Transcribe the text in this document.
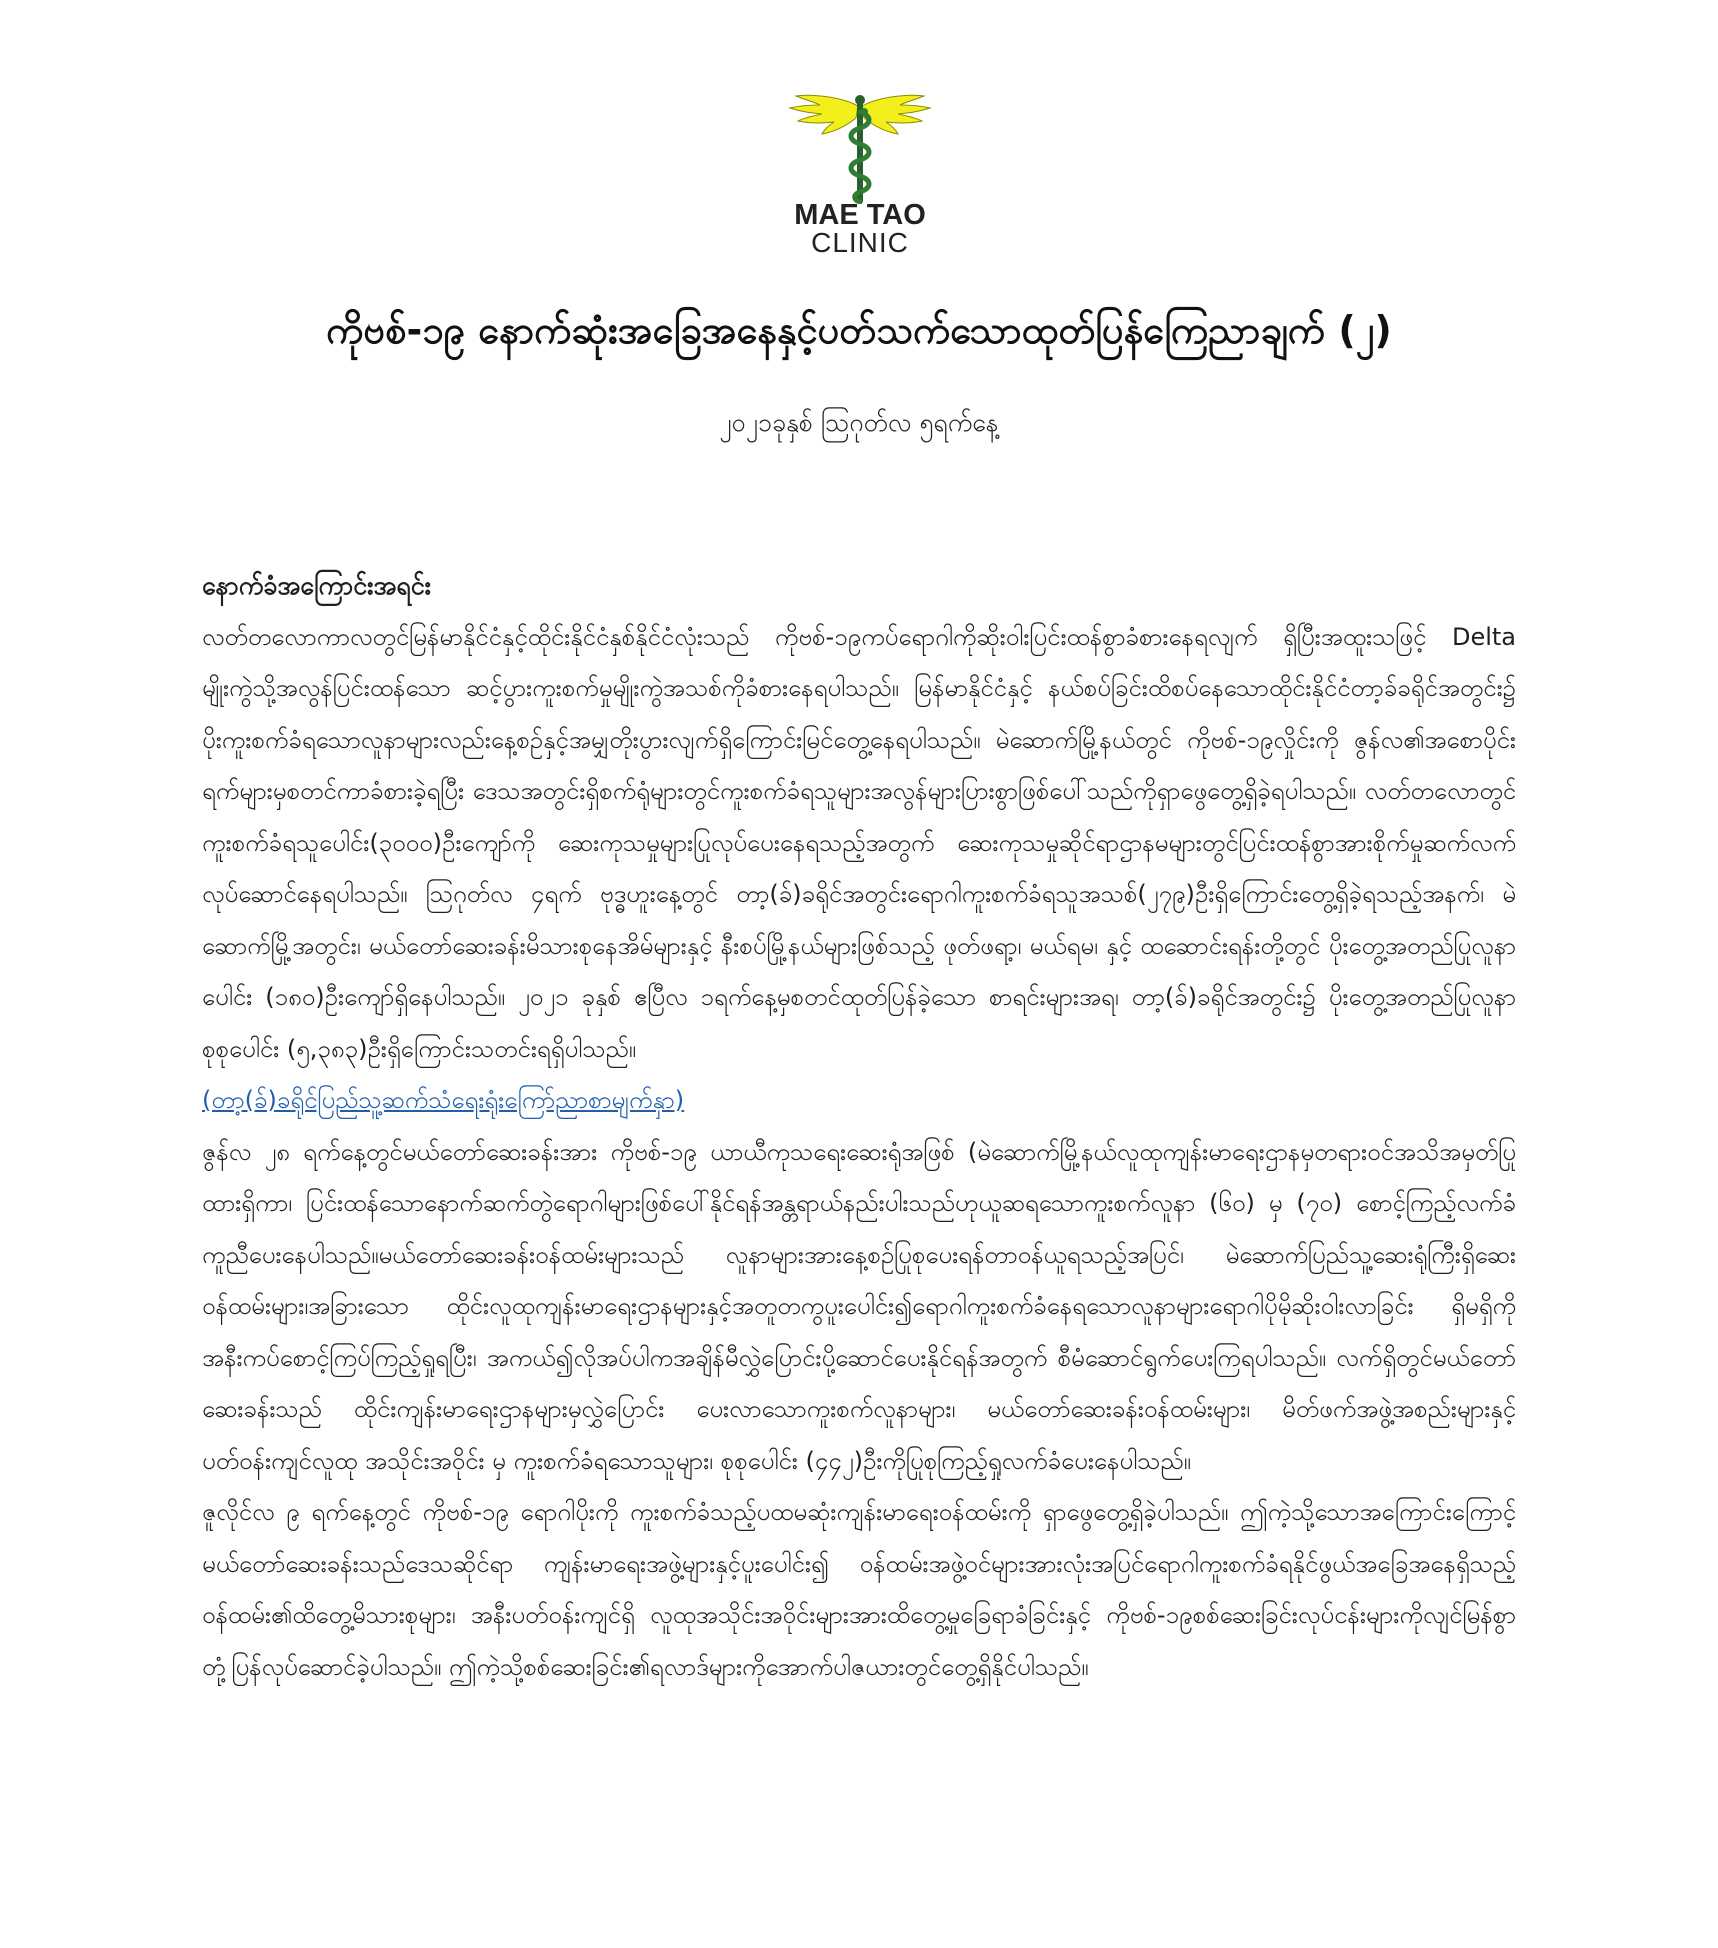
MAE TAO
CLINIC
ကိုဗစ်-၁၉ နောက်ဆုံးအခြေအနေနှင့်ပတ်သက်သောထုတ်ပြန်ကြေညာချက် (၂)
၂၀၂၁ခုနှစ် ဩဂုတ်လ ၅ရက်နေ့

နောက်ခံအကြောင်းအရင်း

လတ်တလောကာလတွင်မြန်မာနိုင်ငံနှင့်ထိုင်းနိုင်ငံနှစ်နိုင်ငံလုံးသည် ကိုဗစ်-၁၉ကပ်ရောဂါကိုဆိုးဝါးပြင်းထန်စွာခံစားနေရလျက် ရှိပြီးအထူးသဖြင့် Delta မျိုးကွဲသို့အလွန်ပြင်းထန်သော ဆင့်ပွားကူးစက်မှုမျိုးကွဲအသစ်ကိုခံစားနေရပါသည်။ မြန်မာနိုင်ငံနှင့် နယ်စပ်ခြင်းထိစပ်နေသောထိုင်းနိုင်ငံတာ့ခ်ခရိုင်အတွင်း၌ ပိုးကူးစက်ခံရသောလူနာများလည်းနေ့စဉ်နှင့်အမျှတိုးပွားလျက်ရှိကြောင်းမြင်တွေ့နေရပါသည်။ မဲဆောက်မြို့နယ်တွင် ကိုဗစ်-၁၉လှိုင်းကို ဇွန်လ၏အစောပိုင်းရက်များမှစတင်ကာခံစားခဲ့ရပြီး ဒေသအတွင်းရှိစက်ရုံများတွင်ကူးစက်ခံရသူများအလွန်များပြားစွာဖြစ်ပေါ်သည်ကိုရှာဖွေတွေ့ရှိခဲ့ရပါသည်။ လတ်တလောတွင်ကူးစက်ခံရသူပေါင်း(၃၀၀၀)ဦးကျော်ကို ဆေးကုသမှုများပြုလုပ်ပေးနေရသည့်အတွက် ဆေးကုသမှုဆိုင်ရာဌာနမများတွင်ပြင်းထန်စွာအားစိုက်မှုဆက်လက်လုပ်ဆောင်နေရပါသည်။ ဩဂုတ်လ ၄ရက် ဗုဒ္ဓဟူးနေ့တွင် တာ့(ခ်)ခရိုင်အတွင်းရောဂါကူးစက်ခံရသူအသစ်(၂၇၉)ဦးရှိကြောင်းတွေ့ရှိခဲ့ရသည့်အနက်၊ မဲဆောက်မြို့အတွင်း၊ မယ်တော်ဆေးခန်းမိသားစုနေအိမ်များနှင့် နီးစပ်မြို့နယ်များဖြစ်သည့် ဖုတ်ဖရာ့၊ မယ်ရမ၊ နှင့် ထဆောင်းရန်းတို့တွင် ပိုးတွေ့အတည်ပြုလူနာပေါင်း (၁၈၀)ဦးကျော်ရှိနေပါသည်။ ၂၀၂၁ ခုနှစ် ဧပြီလ ၁ရက်နေ့မှစတင်ထုတ်ပြန်ခဲ့သော စာရင်းများအရ၊ တာ့(ခ်)ခရိုင်အတွင်း၌ ပိုးတွေ့အတည်ပြုလူနာစုစုပေါင်း (၅,၃၈၃)ဦးရှိကြောင်းသတင်းရရှိပါသည်။

(တာ့(ခ်)ခရိုင်ပြည်သူ့ဆက်သံရေးရုံးကြော်ညာစာမျက်နှာ)

ဇွန်လ ၂၈ ရက်နေ့တွင်မယ်တော်ဆေးခန်းအား ကိုဗစ်-၁၉ ယာယီကုသရေးဆေးရုံအဖြစ် (မဲဆောက်မြို့နယ်လူထုကျန်းမာရေးဌာနမှတရားဝင်အသိအမှတ်ပြုထားရှိကာ၊ ပြင်းထန်သောနောက်ဆက်တွဲရောဂါများဖြစ်ပေါ်နိုင်ရန်အန္တရာယ်နည်းပါးသည်ဟုယူဆရသောကူးစက်လူနာ (၆၀) မှ (၇၀) စောင့်ကြည့်လက်ခံကူညီပေးနေပါသည်။မယ်တော်ဆေးခန်းဝန်ထမ်းများသည် လူနာများအားနေ့စဉ်ပြုစုပေးရန်တာဝန်ယူရသည့်အပြင်၊ မဲဆောက်ပြည်သူ့ဆေးရုံကြီးရှိဆေးဝန်ထမ်းများ၊အခြားသော ထိုင်းလူထုကျန်းမာရေးဌာနများနှင့်အတူတကွပူးပေါင်း၍ရောဂါကူးစက်ခံနေရသောလူနာများရောဂါပိုမိုဆိုးဝါးလာခြင်း ရှိမရှိကိုအနီးကပ်စောင့်ကြပ်ကြည့်ရှုရပြီး၊ အကယ်၍လိုအပ်ပါကအချိန်မီလွှဲပြောင်းပို့ဆောင်ပေးနိုင်ရန်အတွက် စီမံဆောင်ရွက်ပေးကြရပါသည်။ လက်ရှိတွင်မယ်တော်ဆေးခန်းသည် ထိုင်းကျန်းမာရေးဌာနများမှလွှဲပြောင်း ပေးလာသောကူးစက်လူနာများ၊ မယ်တော်ဆေးခန်းဝန်ထမ်းများ၊ မိတ်ဖက်အဖွဲ့အစည်းများနှင့်ပတ်ဝန်းကျင်လူထု အသိုင်းအဝိုင်း မှ ကူးစက်ခံရသောသူများ၊ စုစုပေါင်း (၄၄၂)ဦးကိုပြုစုကြည့်ရှုလက်ခံပေးနေပါသည်။

ဇူလိုင်လ ၉ ရက်နေ့တွင် ကိုဗစ်-၁၉ ရောဂါပိုးကို ကူးစက်ခံသည့်ပထမဆုံးကျန်းမာရေးဝန်ထမ်းကို ရှာဖွေတွေ့ရှိခဲ့ပါသည်။ ဤကဲ့သို့သောအကြောင်းကြောင့် မယ်တော်ဆေးခန်းသည်ဒေသဆိုင်ရာ ကျန်းမာရေးအဖွဲ့များနှင့်ပူးပေါင်း၍ ဝန်ထမ်းအဖွဲ့ဝင်များအားလုံးအပြင်ရောဂါကူးစက်ခံရနိုင်ဖွယ်အခြေအနေရှိသည့်ဝန်ထမ်း၏ထိတွေ့မိသားစုများ၊ အနီးပတ်ဝန်းကျင်ရှိ လူထုအသိုင်းအဝိုင်းများအားထိတွေ့မှုခြေရာခံခြင်းနှင့် ကိုဗစ်-၁၉စစ်ဆေးခြင်းလုပ်ငန်းများကိုလျင်မြန်စွာတုံ့ပြန်လုပ်ဆောင်ခဲ့ပါသည်။ ဤကဲ့သို့စစ်ဆေးခြင်း၏ရလာဒ်များကိုအောက်ပါဇယားတွင်တွေ့ရှိနိုင်ပါသည်။
